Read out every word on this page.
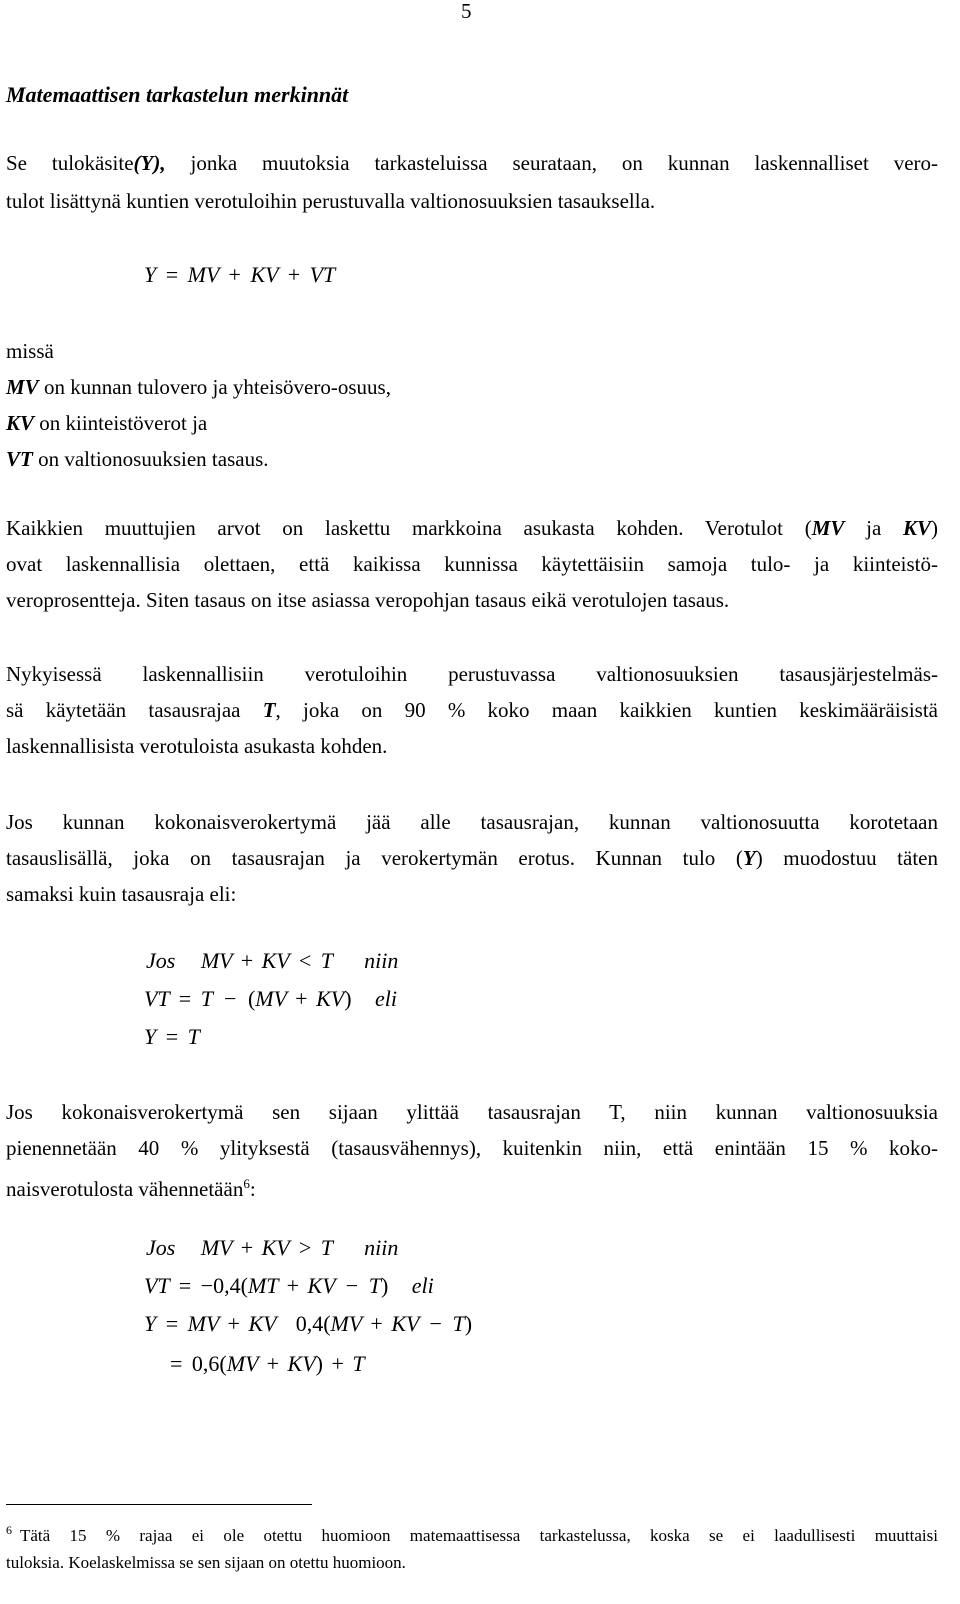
5
Matemaattisen tarkastelun merkinnät
Se tulokäsite(Y), jonka muutoksia tarkasteluissa seurataan, on kunnan laskennalliset vero-
tulot lisättynä kuntien verotuloihin perustuvalla valtionosuuksien tasauksella.
Y = MV + KV + VT
missä
MV on kunnan tulovero ja yhteisövero-osuus,
KV on kiinteistöverot ja
VT on valtionosuuksien tasaus.
Kaikkien muuttujien arvot on laskettu markkoina asukasta kohden. Verotulot (MV ja KV)
ovat laskennallisia olettaen, että kaikissa kunnissa käytettäisiin samoja tulo- ja kiinteistö-
veroprosentteja. Siten tasaus on itse asiassa veropohjan tasaus eikä verotulojen tasaus.
Nykyisessä laskennallisiin verotuloihin perustuvassa valtionosuuksien tasausjärjestelmäs-
sä käytetään tasausrajaa T, joka on 90 % koko maan kaikkien kuntien keskimääräisistä
laskennallisista verotuloista asukasta kohden.
Jos kunnan kokonaisverokertymä jää alle tasausrajan, kunnan valtionosuutta korotetaan
tasauslisällä, joka on tasausrajan ja verokertymän erotus. Kunnan tulo (Y) muodostuu täten
samaksi kuin tasausraja eli:
Jos MV + KV < T niin
VT = T − (MV + KV) eli
Y = T
Jos kokonaisverokertymä sen sijaan ylittää tasausrajan T, niin kunnan valtionosuuksia
pienennetään 40 % ylityksestä (tasausvähennys), kuitenkin niin, että enintään 15 % koko-
naisverotulosta vähennetään$^6$:
Jos MV + KV > T niin
VT = −0,4(MT + KV − T) eli
Y = MV + KV 0,4(MV + KV − T)
= 0,6(MV + KV) + T
$^6$ Tätä 15 % rajaa ei ole otettu huomioon matemaattisessa tarkastelussa, koska se ei laadullisesti muuttaisi
tuloksia. Koelaskelmissa se sen sijaan on otettu huomioon.
